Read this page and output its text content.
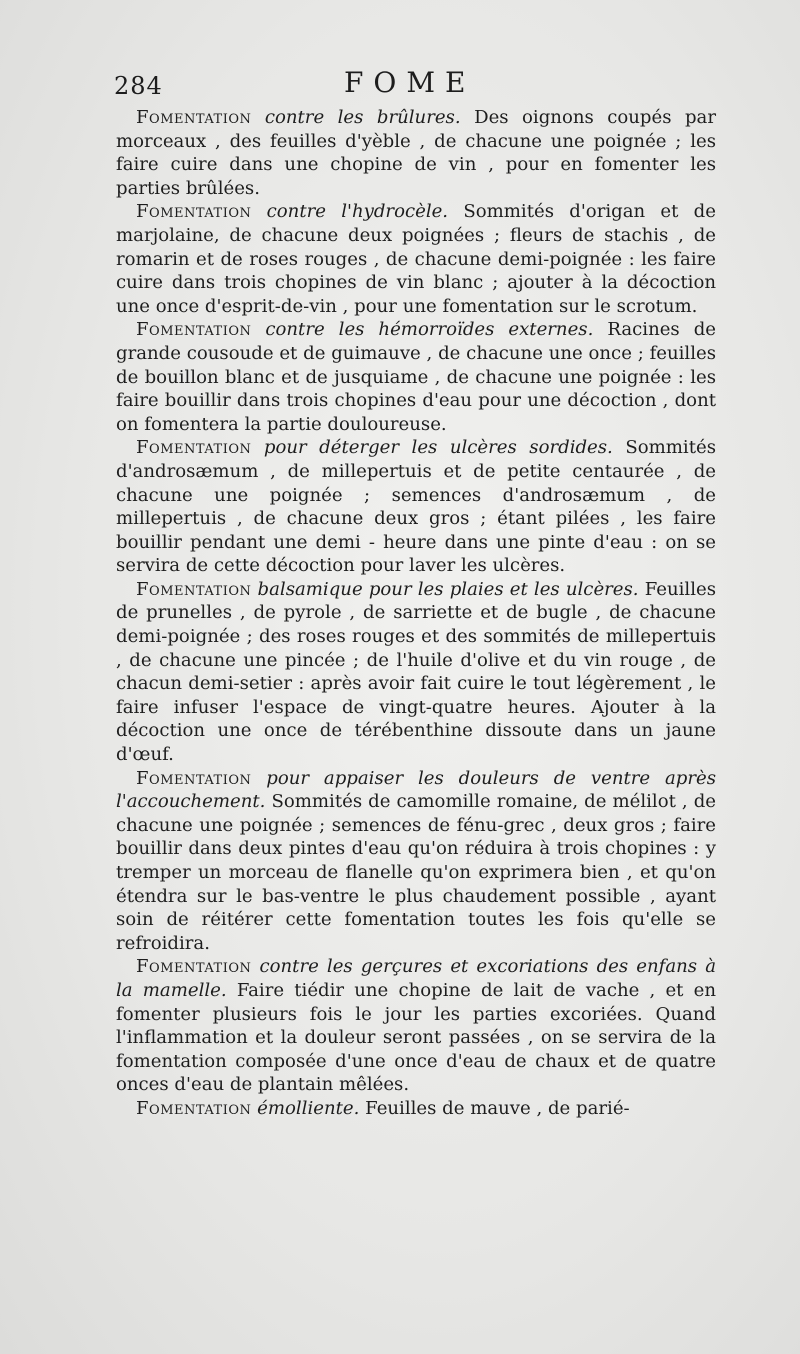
284	FOME

Fomentation contre les brûlures. Des oignons coupés par morceaux , des feuilles d'yèble , de chacune une poignée ; les faire cuire dans une chopine de vin , pour en fomenter les parties brûlées.

Fomentation contre l'hydrocèle. Sommités d'origan et de marjolaine, de chacune deux poignées ; fleurs de stachis , de romarin et de roses rouges , de chacune demi-poignée : les faire cuire dans trois chopines de vin blanc ; ajouter à la décoction une once d'esprit-de-vin , pour une fomentation sur le scrotum.

Fomentation contre les hémorroïdes externes. Racines de grande cousoude et de guimauve , de chacune une once ; feuilles de bouillon blanc et de jusquiame , de chacune une poignée : les faire bouillir dans trois chopines d'eau pour une décoction , dont on fomentera la partie douloureuse.

Fomentation pour déterger les ulcères sordides. Sommités d'androsæmum , de millepertuis et de petite centaurée , de chacune une poignée ; semences d'androsæmum , de millepertuis , de chacune deux gros ; étant pilées , les faire bouillir pendant une demi - heure dans une pinte d'eau : on se servira de cette décoction pour laver les ulcères.

Fomentation balsamique pour les plaies et les ulcères. Feuilles de prunelles , de pyrole , de sarriette et de bugle , de chacune demi-poignée ; des roses rouges et des sommités de millepertuis , de chacune une pincée ; de l'huile d'olive et du vin rouge , de chacun demi-setier : après avoir fait cuire le tout légèrement , le faire infuser l'espace de vingt-quatre heures. Ajouter à la décoction une once de térébenthine dissoute dans un jaune d'œuf.

Fomentation pour appaiser les douleurs de ventre après l'accouchement. Sommités de camomille romaine, de mélilot , de chacune une poignée ; semences de fénu-grec , deux gros ; faire bouillir dans deux pintes d'eau qu'on réduira à trois chopines : y tremper un morceau de flanelle qu'on exprimera bien , et qu'on étendra sur le bas-ventre le plus chaudement possible , ayant soin de réitérer cette fomentation toutes les fois qu'elle se refroidira.

Fomentation contre les gerçures et excoriations des enfans à la mamelle. Faire tiédir une chopine de lait de vache , et en fomenter plusieurs fois le jour les parties excoriées. Quand l'inflammation et la douleur seront passées , on se servira de la fomentation composée d'une once d'eau de chaux et de quatre onces d'eau de plantain mêlées.

Fomentation émolliente. Feuilles de mauve , de parié-
